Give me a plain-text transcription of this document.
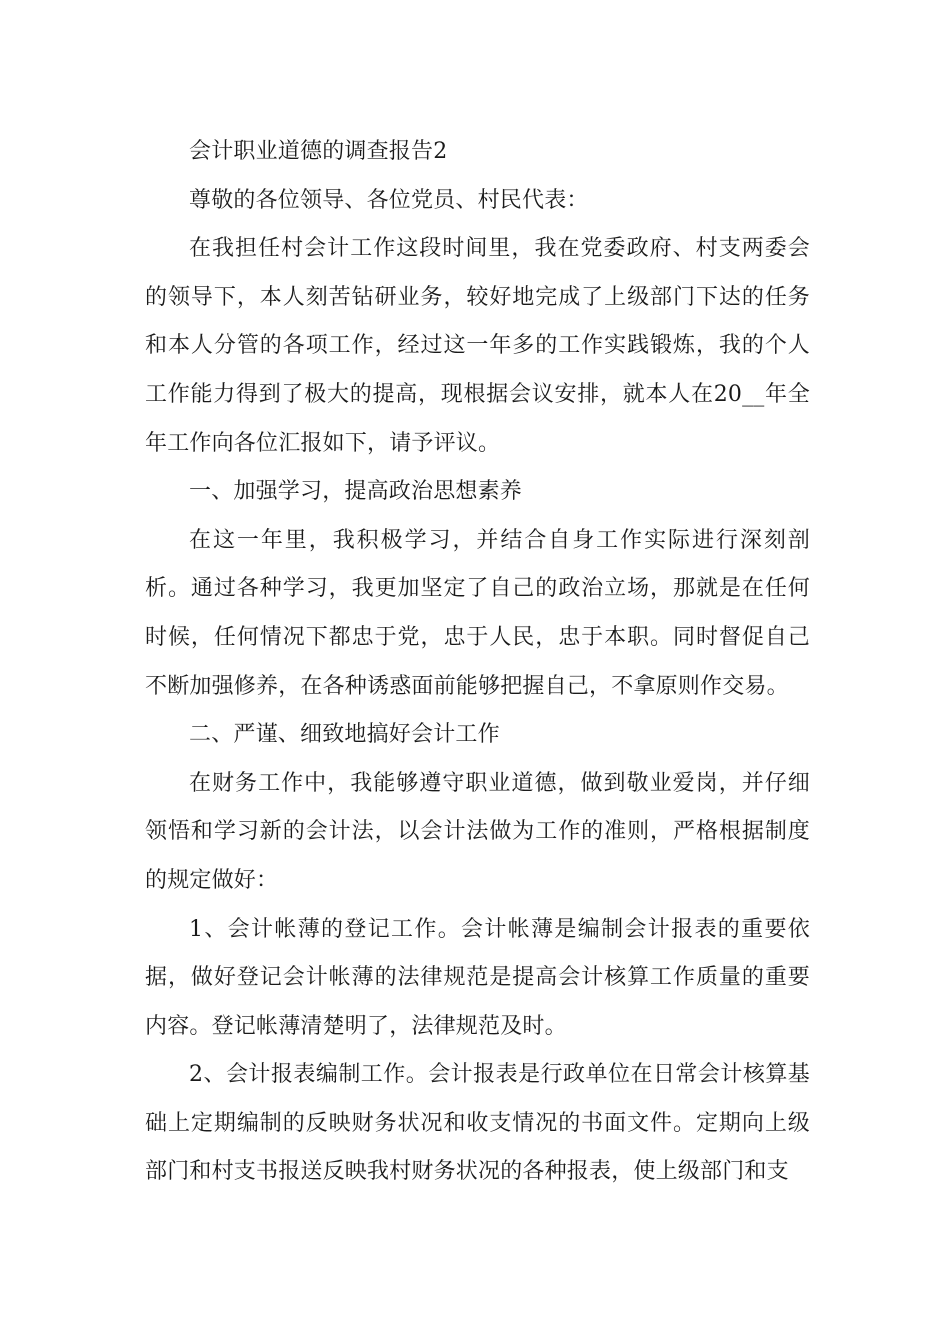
会计职业道德的调查报告2

尊敬的各位领导、各位党员、村民代表：

在我担任村会计工作这段时间里，我在党委政府、村支两委会的领导下，本人刻苦钻研业务，较好地完成了上级部门下达的任务和本人分管的各项工作，经过这一年多的工作实践锻炼，我的个人工作能力得到了极大的提高，现根据会议安排，就本人在20__年全年工作向各位汇报如下，请予评议。

一、加强学习，提高政治思想素养

在这一年里，我积极学习，并结合自身工作实际进行深刻剖析。通过各种学习，我更加坚定了自己的政治立场，那就是在任何时候，任何情况下都忠于党，忠于人民，忠于本职。同时督促自己不断加强修养，在各种诱惑面前能够把握自己，不拿原则作交易。

二、严谨、细致地搞好会计工作

在财务工作中，我能够遵守职业道德，做到敬业爱岗，并仔细领悟和学习新的会计法，以会计法做为工作的准则，严格根据制度的规定做好：

1、会计帐薄的登记工作。会计帐薄是编制会计报表的重要依据，做好登记会计帐薄的法律规范是提高会计核算工作质量的重要内容。登记帐薄清楚明了，法律规范及时。

2、会计报表编制工作。会计报表是行政单位在日常会计核算基础上定期编制的反映财务状况和收支情况的书面文件。定期向上级部门和村支书报送反映我村财务状况的各种报表，使上级部门和支
